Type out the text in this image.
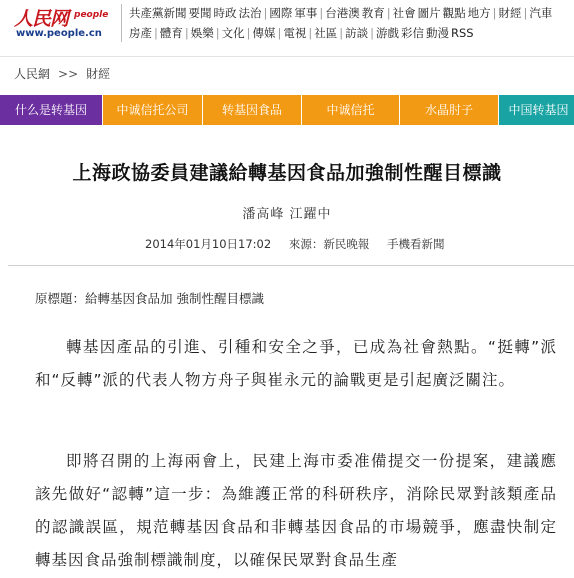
人民网 people
www.people.cn
共產黨新聞 要聞 時政 法治 | 國際 軍事 | 台港澳 教育 | 社會 圖片 觀點 地方 | 財經 | 汽車房產 | 體育 | 娛樂 | 文化 | 傳媒 | 電視 | 社區 | 訪談 | 游戲 彩信 動漫 RSS
人民網 >> 財經
什么是转基因	中诚信托公司	转基因食品	中诚信托	水晶肘子	中国转基因
上海政協委員建議給轉基因食品加強制性醒目標識
潘高峰 江躍中
2014年01月10日17:02 來源：新民晚報 手機看新聞
原標題：給轉基因食品加 強制性醒目標識

轉基因產品的引進、引種和安全之爭，已成為社會熱點。“挺轉”派和“反轉”派的代表人物方舟子與崔永元的論戰更是引起廣泛關注。

即將召開的上海兩會上，民建上海市委准備提交一份提案，建議應該先做好“認轉”這一步：為維護正常的科研秩序，消除民眾對該類產品的認識誤區，規范轉基因食品和非轉基因食品的市場競爭，應盡快制定轉基因食品強制標識制度，以確保民眾對食品生產
